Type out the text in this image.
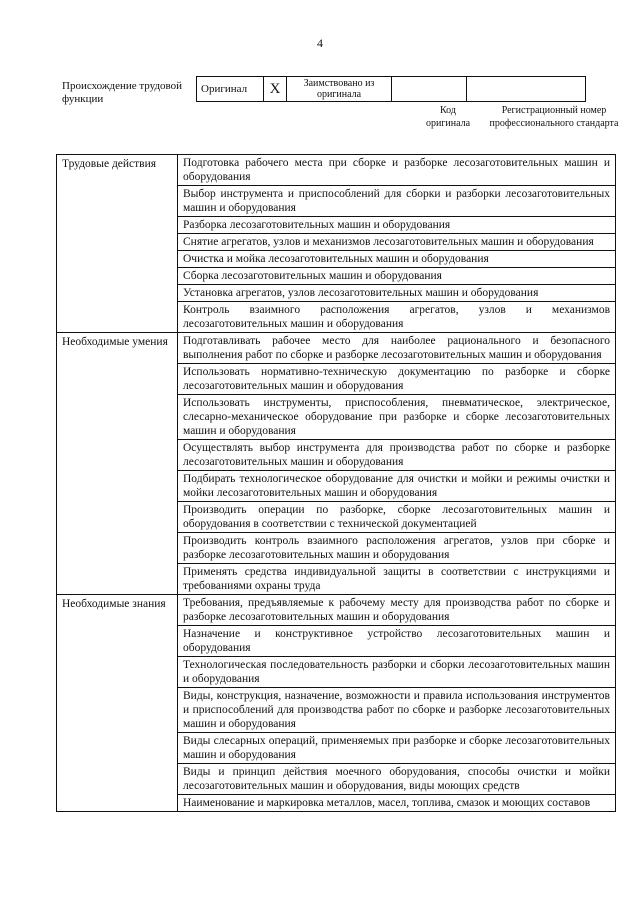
4
Происхождение трудовой функции
Оригинал	X	Заимствовано из оригинала		
Код оригинала
Регистрационный номер профессионального стандарта
Трудовые действия	Подготовка рабочего места при сборке и разборке лесозаготовительных машин и оборудования
	Выбор инструмента и приспособлений для сборки и разборки лесозаготовительных машин и оборудования
	Разборка лесозаготовительных машин и оборудования
	Снятие агрегатов, узлов и механизмов лесозаготовительных машин и оборудования
	Очистка и мойка лесозаготовительных машин и оборудования
	Сборка лесозаготовительных машин и оборудования
	Установка агрегатов, узлов лесозаготовительных машин и оборудования
	Контроль взаимного расположения агрегатов, узлов и механизмов лесозаготовительных машин и оборудования
Необходимые умения	Подготавливать рабочее место для наиболее рационального и безопасного выполнения работ по сборке и разборке лесозаготовительных машин и оборудования
	Использовать нормативно-техническую документацию по разборке и сборке лесозаготовительных машин и оборудования
	Использовать инструменты, приспособления, пневматическое, электрическое, слесарно-механическое оборудование при разборке и сборке лесозаготовительных машин и оборудования
	Осуществлять выбор инструмента для производства работ по сборке и разборке лесозаготовительных машин и оборудования
	Подбирать технологическое оборудование для очистки и мойки и режимы очистки и мойки лесозаготовительных машин и оборудования
	Производить операции по разборке, сборке лесозаготовительных машин и оборудования в соответствии с технической документацией
	Производить контроль взаимного расположения агрегатов, узлов при сборке и разборке лесозаготовительных машин и оборудования
	Применять средства индивидуальной защиты в соответствии с инструкциями и требованиями охраны труда
Необходимые знания	Требования, предъявляемые к рабочему месту для производства работ по сборке и разборке лесозаготовительных машин и оборудования
	Назначение и конструктивное устройство лесозаготовительных машин и оборудования
	Технологическая последовательность разборки и сборки лесозаготовительных машин и оборудования
	Виды, конструкция, назначение, возможности и правила использования инструментов и приспособлений для производства работ по сборке и разборке лесозаготовительных машин и оборудования
	Виды слесарных операций, применяемых при разборке и сборке лесозаготовительных машин и оборудования
	Виды и принцип действия моечного оборудования, способы очистки и мойки лесозаготовительных машин и оборудования, виды моющих средств
	Наименование и маркировка металлов, масел, топлива, смазок и моющих составов
